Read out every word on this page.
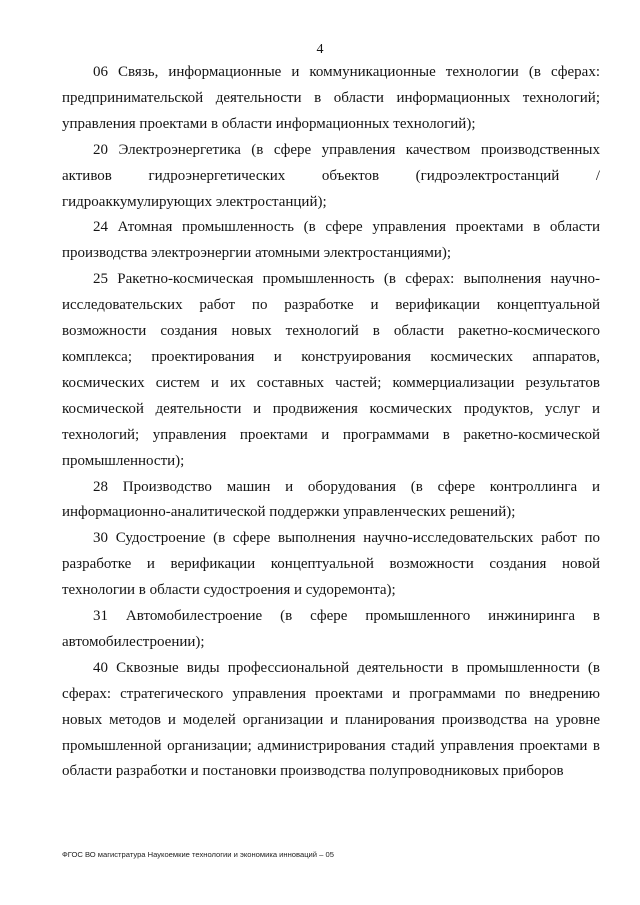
4

06 Связь, информационные и коммуникационные технологии (в сферах: предпринимательской деятельности в области информационных технологий; управления проектами в области информационных технологий);

20 Электроэнергетика (в сфере управления качеством производственных активов гидроэнергетических объектов (гидроэлектростанций / гидроаккумулирующих электростанций);

24 Атомная промышленность (в сфере управления проектами в области производства электроэнергии атомными электростанциями);

25 Ракетно-космическая промышленность (в сферах: выполнения научно-исследовательских работ по разработке и верификации концептуальной возможности создания новых технологий в области ракетно-космического комплекса; проектирования и конструирования космических аппаратов, космических систем и их составных частей; коммерциализации результатов космической деятельности и продвижения космических продуктов, услуг и технологий; управления проектами и программами в ракетно-космической промышленности);

28 Производство машин и оборудования (в сфере контроллинга и информационно-аналитической поддержки управленческих решений);

30 Судостроение (в сфере выполнения научно-исследовательских работ по разработке и верификации концептуальной возможности создания новой технологии в области судостроения и судоремонта);

31 Автомобилестроение (в сфере промышленного инжиниринга в автомобилестроении);

40 Сквозные виды профессиональной деятельности в промышленности (в сферах: стратегического управления проектами и программами по внедрению новых методов и моделей организации и планирования производства на уровне промышленной организации; администрирования стадий управления проектами в области разработки и постановки производства полупроводниковых приборов

ФГОС ВО магистратура Наукоемкие технологии и экономика инноваций – 05
